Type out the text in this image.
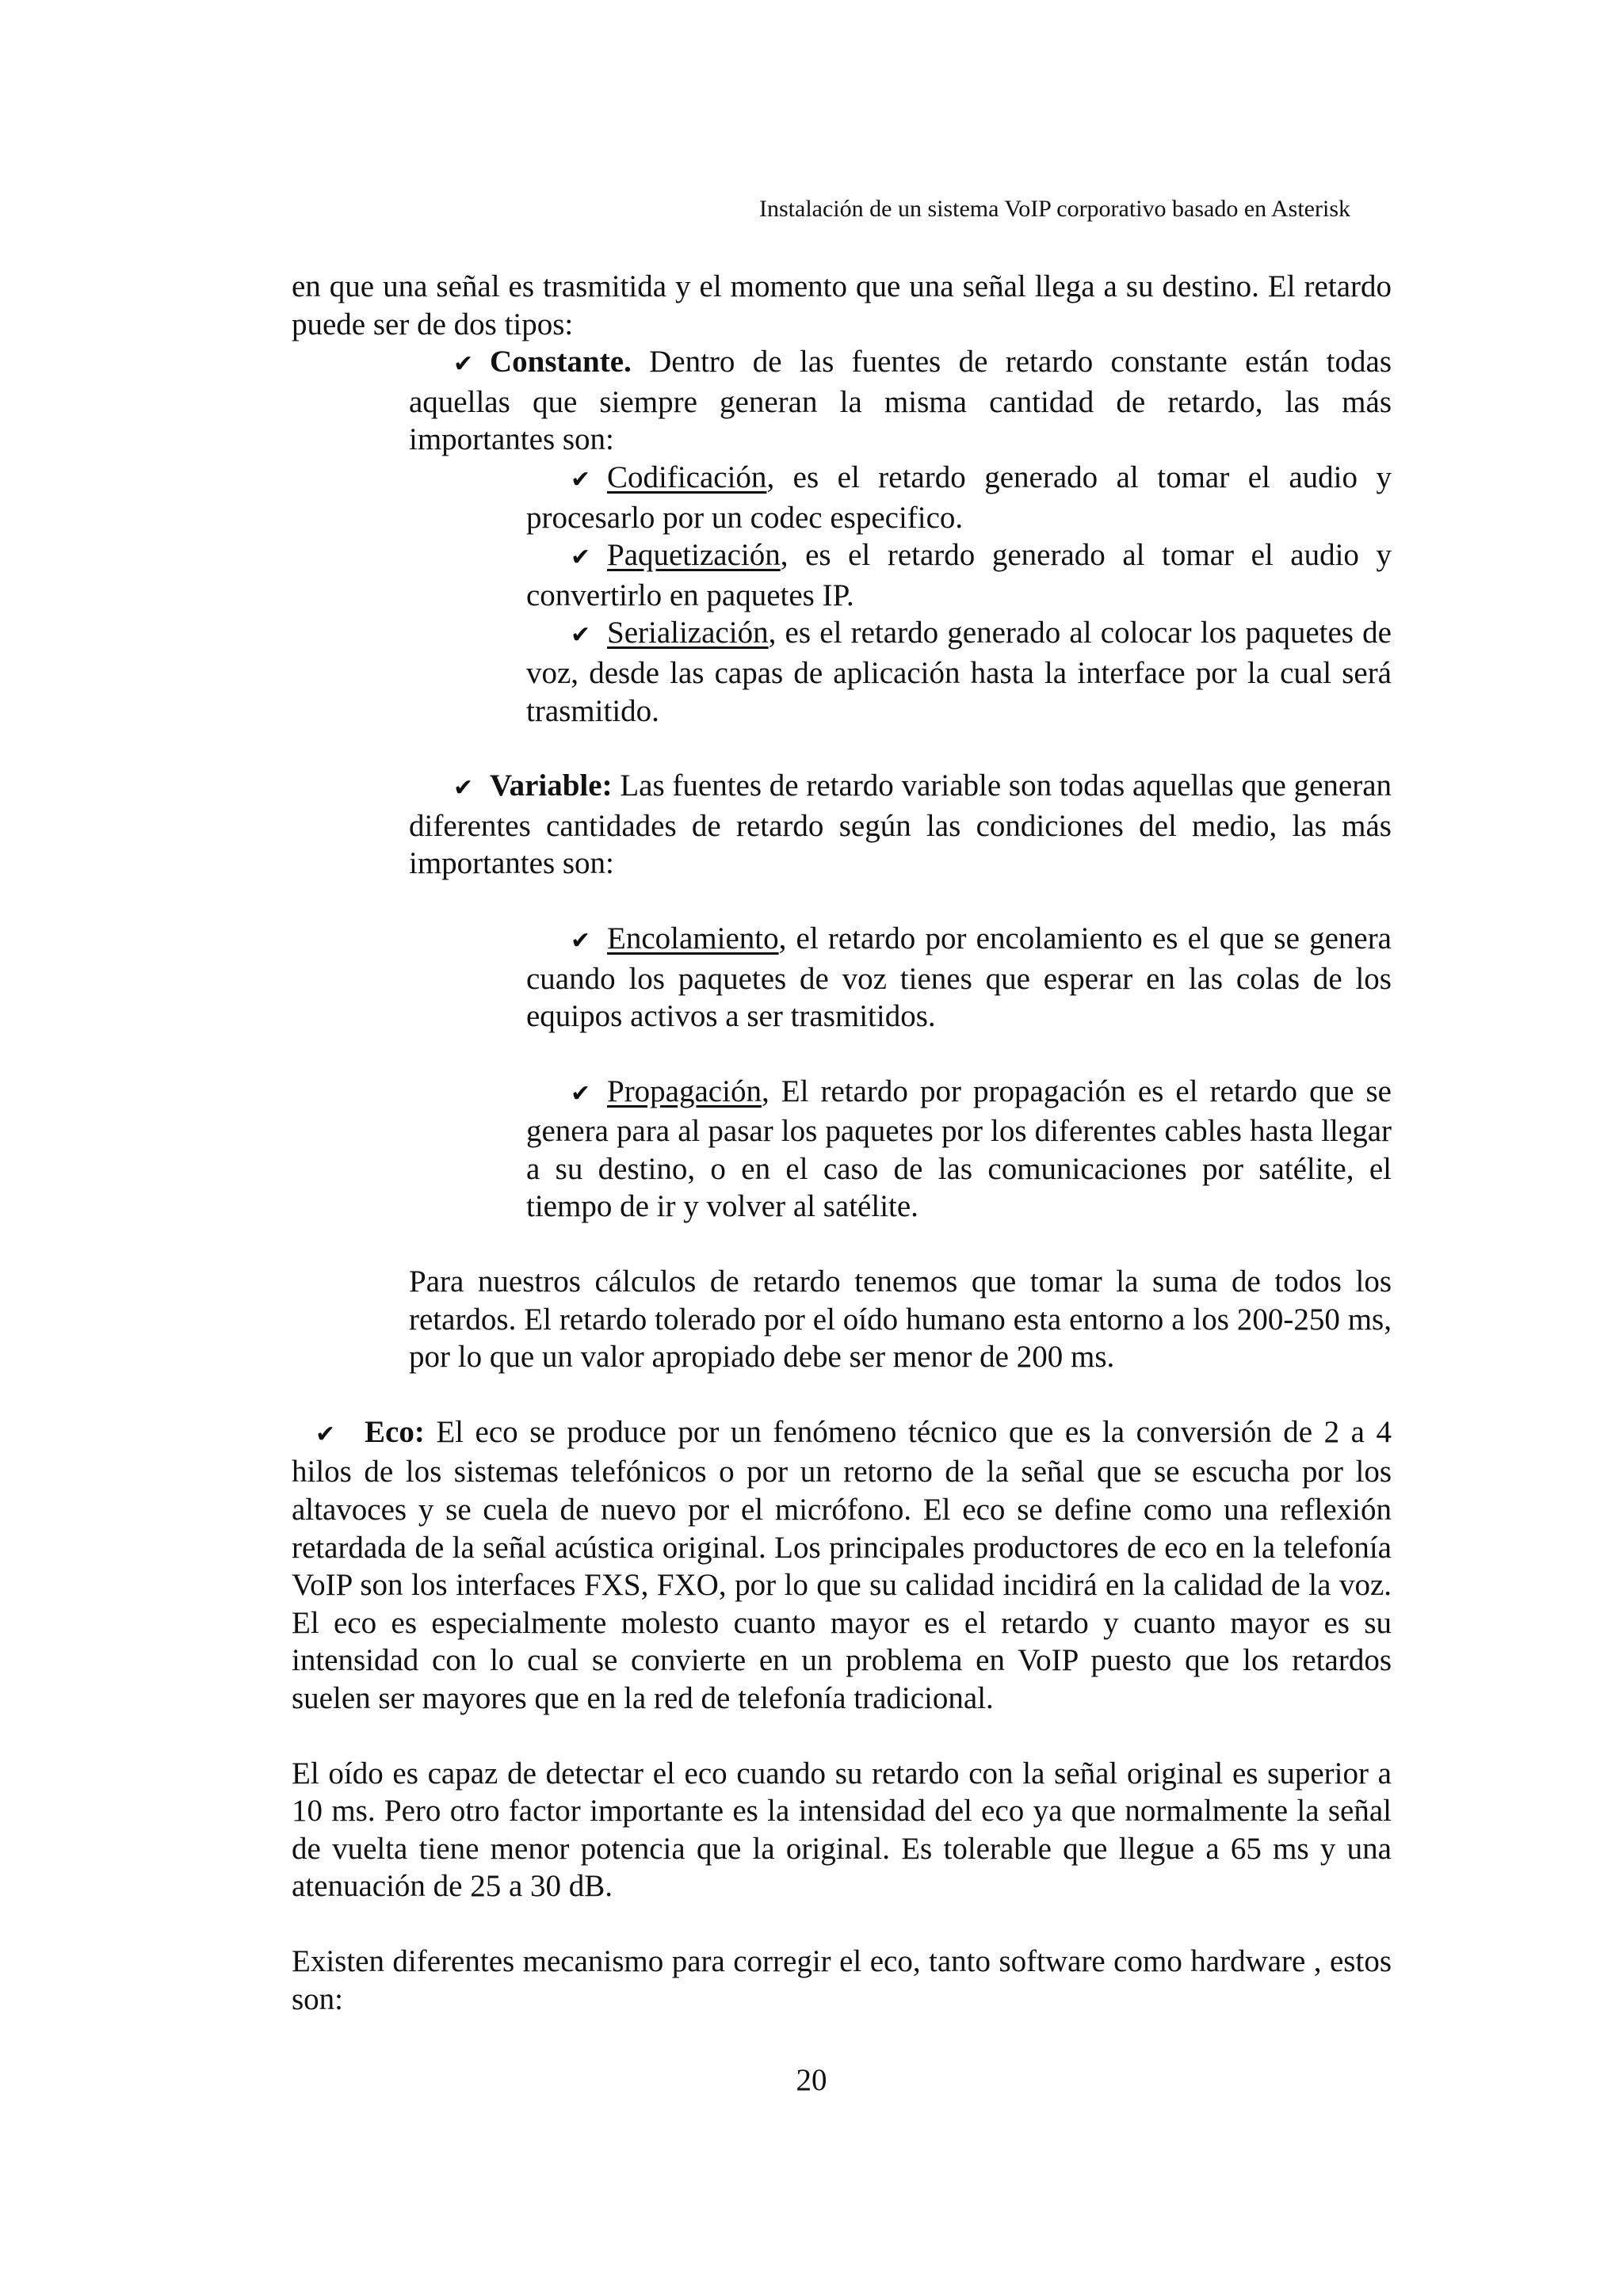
Instalación de un sistema VoIP corporativo basado en Asterisk

en que una señal es trasmitida y el momento que una señal llega a su destino. El retardo puede ser de dos tipos:

✔ Constante. Dentro de las fuentes de retardo constante están todas aquellas que siempre generan la misma cantidad de retardo, las más importantes son:

✔ Codificación, es el retardo generado al tomar el audio y procesarlo por un codec especifico.

✔ Paquetización, es el retardo generado al tomar el audio y convertirlo en paquetes IP.

✔ Serialización, es el retardo generado al colocar los paquetes de voz, desde las capas de aplicación hasta la interface por la cual será trasmitido.

✔ Variable: Las fuentes de retardo variable son todas aquellas que generan diferentes cantidades de retardo según las condiciones del medio, las más importantes son:

✔ Encolamiento, el retardo por encolamiento es el que se genera cuando los paquetes de voz tienes que esperar en las colas de los equipos activos a ser trasmitidos.

✔ Propagación, El retardo por propagación es el retardo que se genera para al pasar los paquetes por los diferentes cables hasta llegar a su destino, o en el caso de las comunicaciones por satélite, el tiempo de ir y volver al satélite.

Para nuestros cálculos de retardo tenemos que tomar la suma de todos los retardos. El retardo tolerado por el oído humano esta entorno a los 200-250 ms, por lo que un valor apropiado debe ser menor de 200 ms.

✔ Eco: El eco se produce por un fenómeno técnico que es la conversión de 2 a 4 hilos de los sistemas telefónicos o por un retorno de la señal que se escucha por los altavoces y se cuela de nuevo por el micrófono. El eco se define como una reflexión retardada de la señal acústica original. Los principales productores de eco en la telefonía VoIP son los interfaces FXS, FXO, por lo que su calidad incidirá en la calidad de la voz. El eco es especialmente molesto cuanto mayor es el retardo y cuanto mayor es su intensidad con lo cual se convierte en un problema en VoIP puesto que los retardos suelen ser mayores que en la red de telefonía tradicional.

El oído es capaz de detectar el eco cuando su retardo con la señal original es superior a 10 ms. Pero otro factor importante es la intensidad del eco ya que normalmente la señal de vuelta tiene menor potencia que la original. Es tolerable que llegue a 65 ms y una atenuación de 25 a 30 dB.

Existen diferentes mecanismo para corregir el eco, tanto software como hardware , estos son:

20
